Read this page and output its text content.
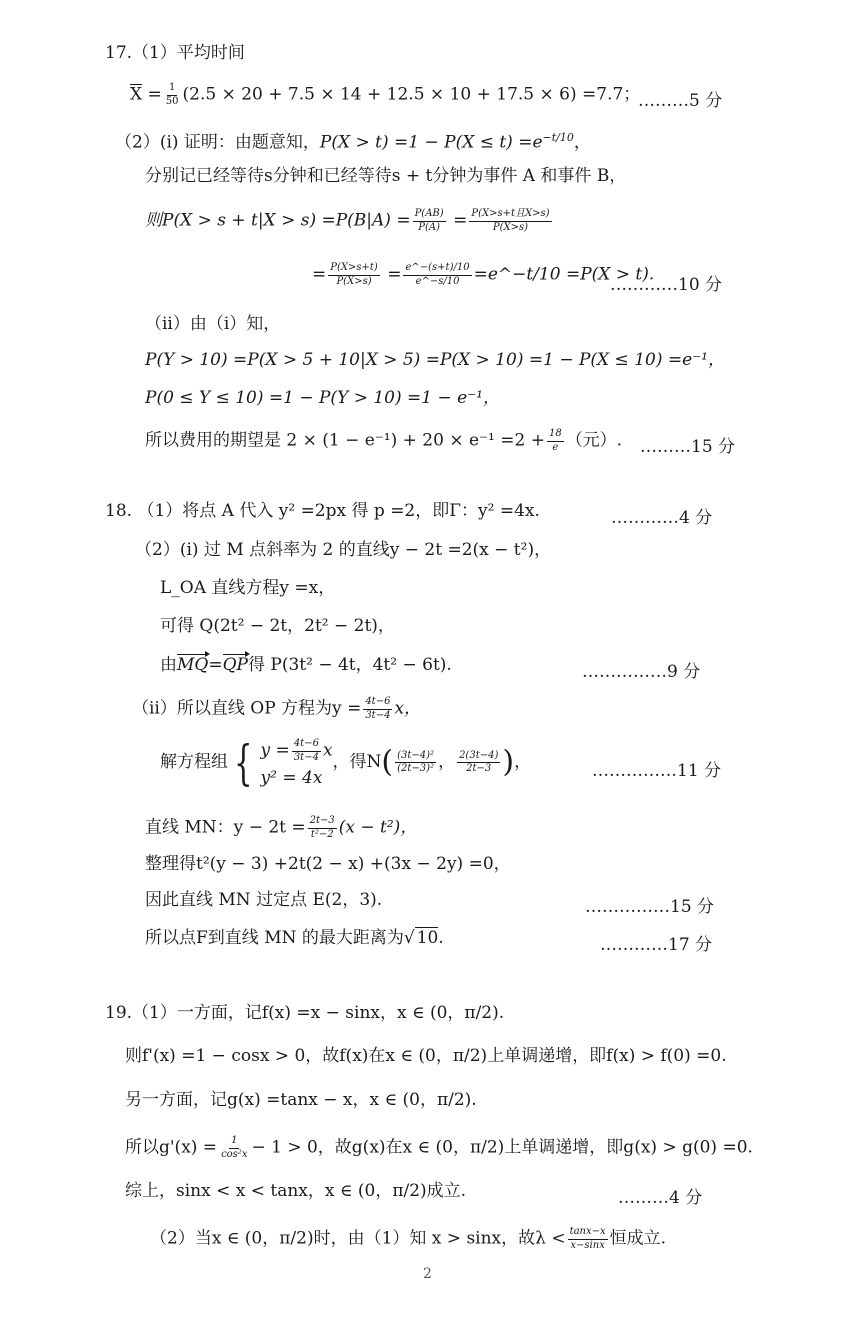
17.（1）平均时间
$\overline{X} = \frac{1}{50} (2.5 \times 20 + 7.5 \times 14 + 12.5 \times 10 + 17.5 \times 6) =7.7$；
………5 分
（2）(i) 证明：由题意知，$P(X > t) =1 - P(X \le t) =e^{-t/10}$，
分别记已经等待s分钟和已经等待s + t分钟为事件 A 和事件 B，
则$P(X > s + t|X > s) =P(B|A) = \frac{P(AB)}{P(A)} = \frac{\text{P(X>s+t且X>s)}}{P(X>s)}$
= $\frac{P(X>s+t)}{P(X>s)} = \frac{e\^{}-(s+t)/10}{e\^{}-s/10}$ =e^−t/10 =P(X > t).
…………10 分
（ii）由（i）知，
P(Y > 10) =P(X > 5 + 10|X > 5) =P(X > 10) =1 − P(X ≤ 10) =e⁻¹，
P(0 ≤ Y ≤ 10) =1 − P(Y > 10) =1 − e⁻¹，
所以费用的期望是 $2 \times (1 - e^{-1}) + 20 \times e^{-1} =2 + \frac{18}{e}$ （元）. ………15 分
18. （1）将点 A 代入 y² =2px 得 p =2，即Γ：y² =4x.	…………4 分
（2）(i) 过 M 点斜率为 2 的直线y − 2t =2(x − t²)，
L_OA 直线方程y =x，
可得 Q(2t² − 2t，2t² − 2t)，
由MQ=QP得 P(3t² − 4t，4t² − 6t).	……………9 分
（ii）所以直线 OP 方程为$y = \frac{4t-6}{3t-4}$ x，
解方程组 { $y = \frac{4t-6}{3t-4}$ x
y² = 4x
，得$N( \frac{\text{(3t−4)²}}{\text{(2t−3)²}}$ ， $\frac{2(3t-4)}{2t-3}$ )，	……………11 分
直线 MN：$y - 2t = \frac{2t-3}{\text{t²−2}} (x - t^2)$，
整理得t²(y − 3) +2t(2 − x) +(3x − 2y) =0，
因此直线 MN 过定点 E(2，3).	……………15 分
所以点F到直线 MN 的最大距离为√ 10.	…………17 分
19.（1）一方面，记f(x) =x − sinx，x ∈ (0，π/2).
则f'(x) =1 − cosx > 0，故f(x)在x ∈ (0，π/2)上单调递增，即f(x) > f(0) =0.
另一方面，记g(x) =tanx − x，x ∈ (0，π/2).
所以$g'(x) = \frac{1}{\text{cos²x}} - 1 > 0$，故g(x)在x ∈ (0，π/2)上单调递增，即g(x) > g(0) =0.
综上，sinx < x < tanx，x ∈ (0，π/2)成立.	………4 分
（2）当x ∈ (0，π/2)时，由（1）知 x > sinx，故$\lambda < \frac{\tan x-x}{x-\sin x}$ 恒成立.
2
